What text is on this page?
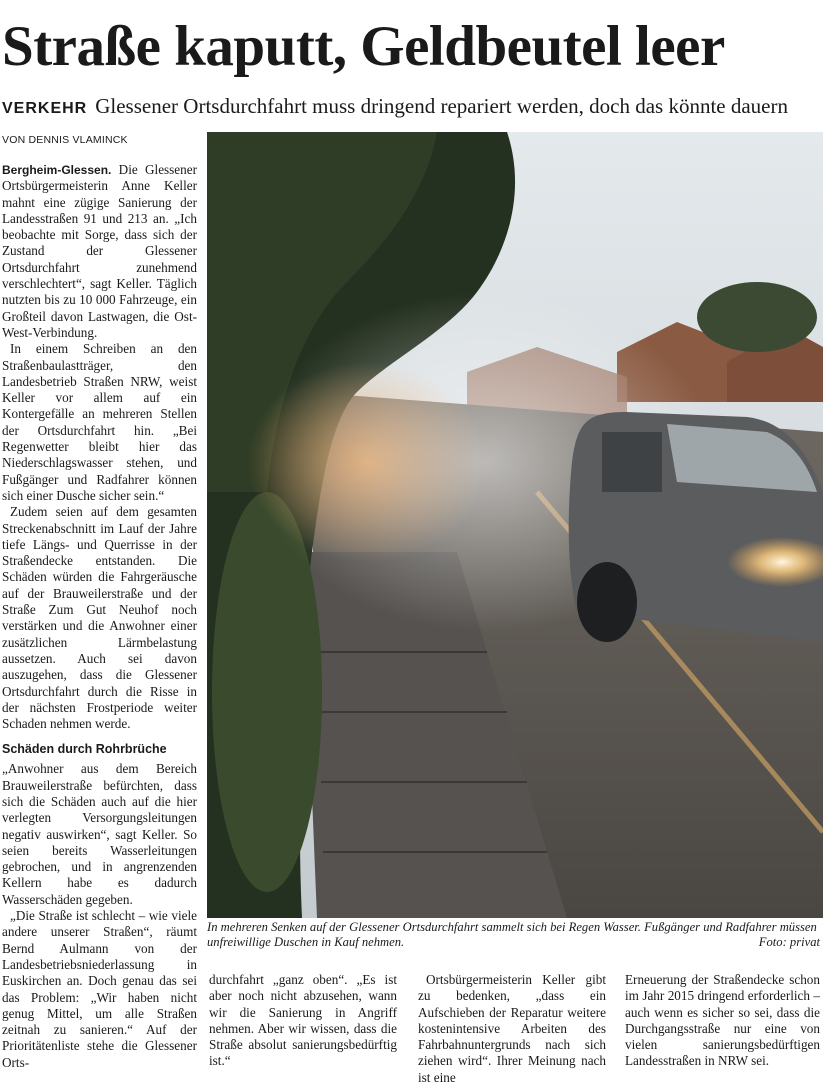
Straße kaputt, Geldbeutel leer
VERKEHR Glessener Ortsdurchfahrt muss dringend repariert werden, doch das könnte dauern
VON DENNIS VLAMINCK

Bergheim-Glessen. Die Glessener Ortsbürgermeisterin Anne Keller mahnt eine zügige Sanierung der Landesstraßen 91 und 213 an. „Ich beobachte mit Sorge, dass sich der Zustand der Glessener Ortsdurchfahrt zunehmend verschlechtert“, sagt Keller. Täglich nutzten bis zu 10 000 Fahrzeuge, ein Großteil davon Lastwagen, die Ost-West-Verbindung.

In einem Schreiben an den Straßenbaulastträger, den Landesbetrieb Straßen NRW, weist Keller vor allem auf ein Kontergefälle an mehreren Stellen der Ortsdurchfahrt hin. „Bei Regenwetter bleibt hier das Niederschlagswasser stehen, und Fußgänger und Radfahrer können sich einer Dusche sicher sein.“

Zudem seien auf dem gesamten Streckenabschnitt im Lauf der Jahre tiefe Längs- und Querrisse in der Straßendecke entstanden. Die Schäden würden die Fahrgeräusche auf der Brauweilerstraße und der Straße Zum Gut Neuhof noch verstärken und die Anwohner einer zusätzlichen Lärmbelastung aussetzen. Auch sei davon auszugehen, dass die Glessener Ortsdurchfahrt durch die Risse in der nächsten Frostperiode weiter Schaden nehmen werde.

Schäden durch Rohrbrüche

„Anwohner aus dem Bereich Brauweilerstraße befürchten, dass sich die Schäden auch auf die hier verlegten Versorgungsleitungen negativ auswirken“, sagt Keller. So seien bereits Wasserleitungen gebrochen, und in angrenzenden Kellern habe es dadurch Wasserschäden gegeben.

„Die Straße ist schlecht – wie viele andere unserer Straßen“, räumt Bernd Aulmann von der Landesbetriebsniederlassung in Euskirchen an. Doch genau das sei das Problem: „Wir haben nicht genug Mittel, um alle Straßen zeitnah zu sanieren.“ Auf der Prioritätenliste stehe die Glessener Orts-

In mehreren Senken auf der Glessener Ortsdurchfahrt sammelt sich bei Regen Wasser. Fußgänger und Radfahrer müssen unfreiwillige Duschen in Kauf nehmen.	Foto: privat

durchfahrt „ganz oben“. „Es ist aber noch nicht abzusehen, wann wir die Sanierung in Angriff nehmen. Aber wir wissen, dass die Straße absolut sanierungsbedürftig ist.“

Ortsbürgermeisterin Keller gibt zu bedenken, „dass ein Aufschieben der Reparatur weitere kostenintensive Arbeiten des Fahrbahnuntergrunds nach sich ziehen wird“. Ihrer Meinung nach ist eine

Erneuerung der Straßendecke schon im Jahr 2015 dringend erforderlich – auch wenn es sicher so sei, dass die Durchgangsstraße nur eine von vielen sanierungsbedürftigen Landesstraßen in NRW sei.
